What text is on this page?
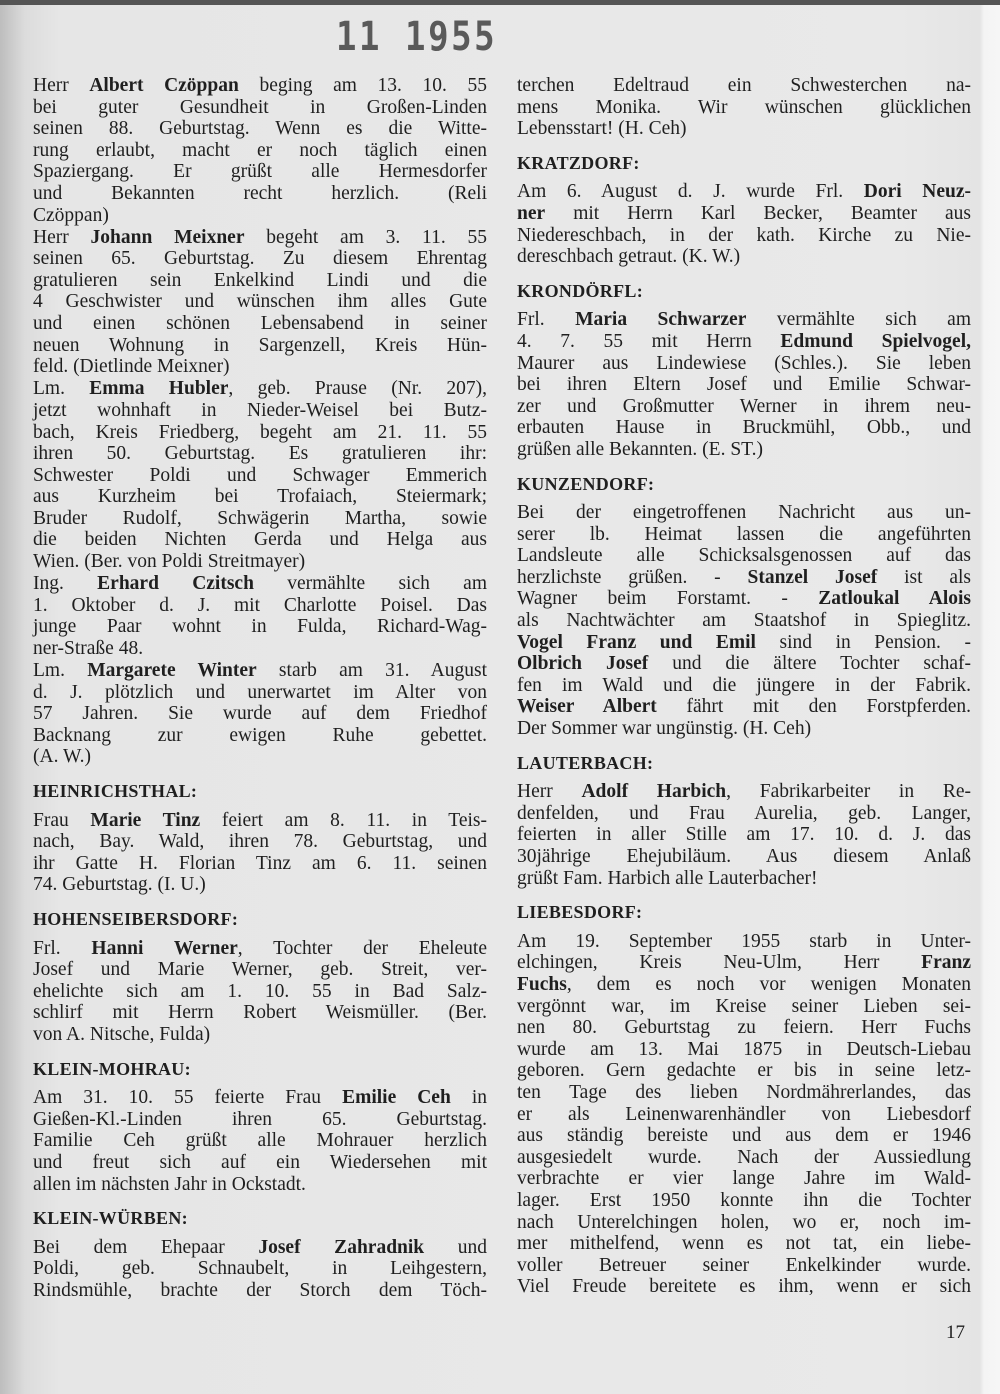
11 1955
Herr Albert Czöppan beging am 13. 10. 55
bei guter Gesundheit in Großen-Linden
seinen 88. Geburtstag. Wenn es die Witte-
rung erlaubt, macht er noch täglich einen
Spaziergang. Er grüßt alle Hermesdorfer
und Bekannten recht herzlich. (Reli
Czöppan)
Herr Johann Meixner begeht am 3. 11. 55
seinen 65. Geburtstag. Zu diesem Ehrentag
gratulieren sein Enkelkind Lindi und die
4 Geschwister und wünschen ihm alles Gute
und einen schönen Lebensabend in seiner
neuen Wohnung in Sargenzell, Kreis Hün-
feld. (Dietlinde Meixner)
Lm. Emma Hubler, geb. Prause (Nr. 207),
jetzt wohnhaft in Nieder-Weisel bei Butz-
bach, Kreis Friedberg, begeht am 21. 11. 55
ihren 50. Geburtstag. Es gratulieren ihr:
Schwester Poldi und Schwager Emmerich
aus Kurzheim bei Trofaiach, Steiermark;
Bruder Rudolf, Schwägerin Martha, sowie
die beiden Nichten Gerda und Helga aus
Wien. (Ber. von Poldi Streitmayer)
Ing. Erhard Czitsch vermählte sich am
1. Oktober d. J. mit Charlotte Poisel. Das
junge Paar wohnt in Fulda, Richard-Wag-
ner-Straße 48.
Lm. Margarete Winter starb am 31. August
d. J. plötzlich und unerwartet im Alter von
57 Jahren. Sie wurde auf dem Friedhof
Backnang zur ewigen Ruhe gebettet.
(A. W.)
HEINRICHSTHAL:
Frau Marie Tinz feiert am 8. 11. in Teis-
nach, Bay. Wald, ihren 78. Geburtstag, und
ihr Gatte H. Florian Tinz am 6. 11. seinen
74. Geburtstag. (I. U.)
HOHENSEIBERSDORF:
Frl. Hanni Werner, Tochter der Eheleute
Josef und Marie Werner, geb. Streit, ver-
ehelichte sich am 1. 10. 55 in Bad Salz-
schlirf mit Herrn Robert Weismüller. (Ber.
von A. Nitsche, Fulda)
KLEIN-MOHRAU:
Am 31. 10. 55 feierte Frau Emilie Ceh in
Gießen-Kl.-Linden ihren 65. Geburtstag.
Familie Ceh grüßt alle Mohrauer herzlich
und freut sich auf ein Wiedersehen mit
allen im nächsten Jahr in Ockstadt.
KLEIN-WÜRBEN:
Bei dem Ehepaar Josef Zahradnik und
Poldi, geb. Schnaubelt, in Leihgestern,
Rindsmühle, brachte der Storch dem Töch-
terchen Edeltraud ein Schwesterchen na-
mens Monika. Wir wünschen glücklichen
Lebensstart! (H. Ceh)
KRATZDORF:
Am 6. August d. J. wurde Frl. Dori Neuz-
ner mit Herrn Karl Becker, Beamter aus
Niedereschbach, in der kath. Kirche zu Nie-
dereschbach getraut. (K. W.)
KRONDÖRFL:
Frl. Maria Schwarzer vermählte sich am
4. 7. 55 mit Herrn Edmund Spielvogel,
Maurer aus Lindewiese (Schles.). Sie leben
bei ihren Eltern Josef und Emilie Schwar-
zer und Großmutter Werner in ihrem neu-
erbauten Hause in Bruckmühl, Obb., und
grüßen alle Bekannten. (E. ST.)
KUNZENDORF:
Bei der eingetroffenen Nachricht aus un-
serer lb. Heimat lassen die angeführten
Landsleute alle Schicksalsgenossen auf das
herzlichste grüßen. - Stanzel Josef ist als
Wagner beim Forstamt. - Zatloukal Alois
als Nachtwächter am Staatshof in Spieglitz.
Vogel Franz und Emil sind in Pension. -
Olbrich Josef und die ältere Tochter schaf-
fen im Wald und die jüngere in der Fabrik.
Weiser Albert fährt mit den Forstpferden.
Der Sommer war ungünstig. (H. Ceh)
LAUTERBACH:
Herr Adolf Harbich, Fabrikarbeiter in Re-
denfelden, und Frau Aurelia, geb. Langer,
feierten in aller Stille am 17. 10. d. J. das
30jährige Ehejubiläum. Aus diesem Anlaß
grüßt Fam. Harbich alle Lauterbacher!
LIEBESDORF:
Am 19. September 1955 starb in Unter-
elchingen, Kreis Neu-Ulm, Herr Franz
Fuchs, dem es noch vor wenigen Monaten
vergönnt war, im Kreise seiner Lieben sei-
nen 80. Geburtstag zu feiern. Herr Fuchs
wurde am 13. Mai 1875 in Deutsch-Liebau
geboren. Gern gedachte er bis in seine letz-
ten Tage des lieben Nordmährerlandes, das
er als Leinenwarenhändler von Liebesdorf
aus ständig bereiste und aus dem er 1946
ausgesiedelt wurde. Nach der Aussiedlung
verbrachte er vier lange Jahre im Wald-
lager. Erst 1950 konnte ihn die Tochter
nach Unterelchingen holen, wo er, noch im-
mer mithelfend, wenn es not tat, ein liebe-
voller Betreuer seiner Enkelkinder wurde.
Viel Freude bereitete es ihm, wenn er sich
17
